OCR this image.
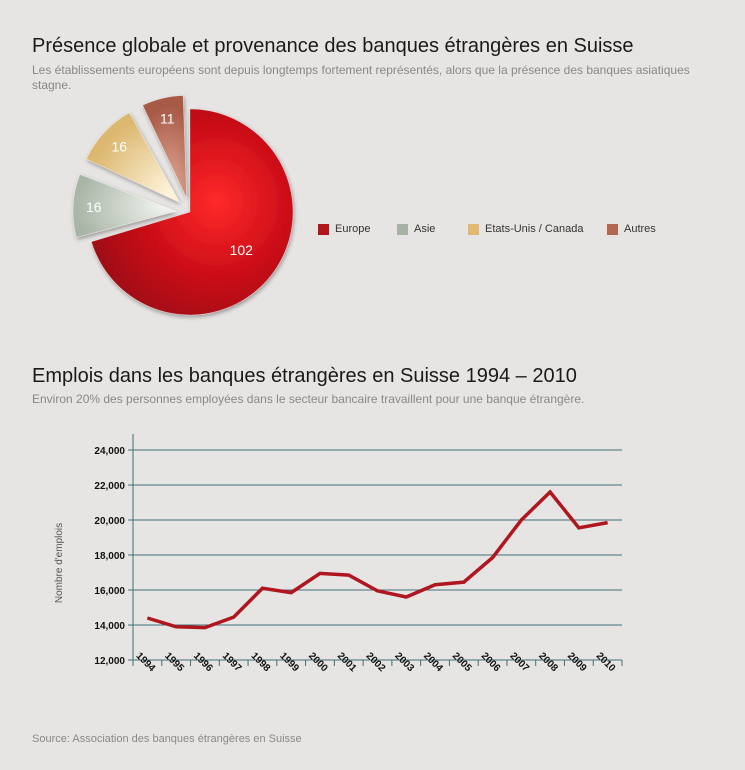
Présence globale et provenance des banques étrangères en Suisse

Les établissements européens sont depuis longtemps fortement représentés, alors que la présence des banques asiatiques stagne.

102
16
16
11
Europe	Asie	Etats-Unis / Canada	Autres
Emplois dans les banques étrangères en Suisse 1994 – 2010

Environ 20% des personnes employées dans le secteur bancaire travaillent pour une banque étrangère.

12,000
14,000
16,000
18,000
20,000
22,000
24,000
1994 1995 1996 1997 1998 1999 2000 2001 2002 2003 2004 2005 2006 2007 2008 2009 2010
Nombre d'emplois

Source: Association des banques étrangères en Suisse
